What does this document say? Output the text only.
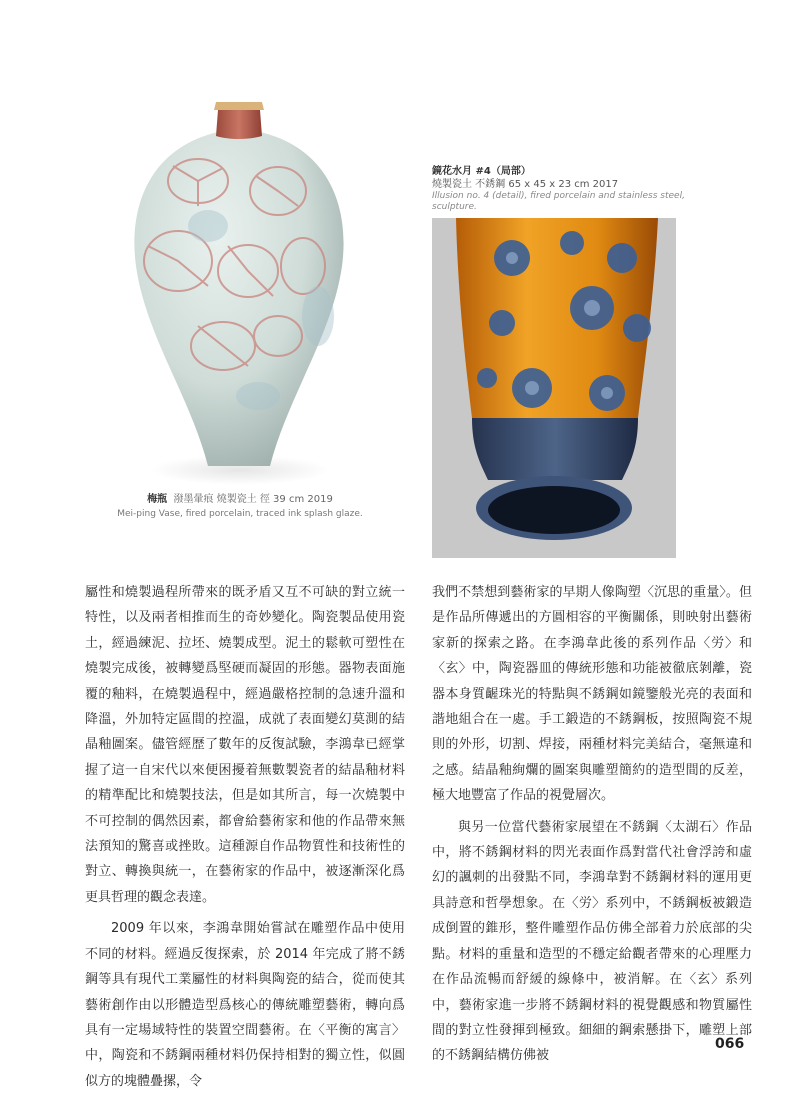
梅瓶 潑墨暈痕 燒製瓷土 徑 39 cm 2019
Mei-ping Vase, fired porcelain, traced ink splash glaze.
鏡花水月 #4（局部）
燒製瓷土 不銹鋼 65 x 45 x 23 cm 2017
Illusion no. 4 (detail), fired porcelain and stainless steel, sculpture.

屬性和燒製過程所帶來的既矛盾又互不可缺的對立統一特性，以及兩者相推而生的奇妙變化。陶瓷製品使用瓷土，經過練泥、拉坯、燒製成型。泥土的鬆軟可塑性在燒製完成後，被轉變爲堅硬而凝固的形態。器物表面施覆的釉料，在燒製過程中，經過嚴格控制的急速升溫和降溫，外加特定區間的控溫，成就了表面變幻莫測的結晶釉圖案。儘管經歷了數年的反復試驗，李鴻韋已經掌握了這一自宋代以來便困擾着無數製瓷者的結晶釉材料的精準配比和燒製技法，但是如其所言，每一次燒製中不可控制的偶然因素，都會給藝術家和他的作品帶來無法預知的驚喜或挫敗。這種源自作品物質性和技術性的對立、轉換與統一，在藝術家的作品中，被逐漸深化爲更具哲理的觀念表達。

2009 年以來，李鴻韋開始嘗試在雕塑作品中使用不同的材料。經過反復探索，於 2014 年完成了將不銹鋼等具有現代工業屬性的材料與陶瓷的結合，從而使其藝術創作由以形體造型爲核心的傳統雕塑藝術，轉向爲具有一定場域特性的裝置空間藝術。在〈平衡的寓言〉中，陶瓷和不銹鋼兩種材料仍保持相對的獨立性，似圓似方的塊體疊摞，令

我們不禁想到藝術家的早期人像陶塑〈沉思的重量〉。但是作品所傳遞出的方圓相容的平衡關係，則映射出藝術家新的探索之路。在李鴻韋此後的系列作品〈労〉和〈玄〉中，陶瓷器皿的傳統形態和功能被徹底剝離，瓷器本身質齷珠光的特點與不銹鋼如鏡鑒般光亮的表面和諧地組合在一處。手工鍛造的不銹鋼板，按照陶瓷不規則的外形，切割、焊接，兩種材料完美結合，毫無違和之感。結晶釉絢爛的圖案與雕塑簡約的造型間的反差，極大地豐富了作品的視覺層次。

與另一位當代藝術家展望在不銹鋼〈太湖石〉作品中，將不銹鋼材料的閃光表面作爲對當代社會浮誇和虛幻的諷刺的出發點不同，李鴻韋對不銹鋼材料的運用更具詩意和哲學想象。在〈労〉系列中，不銹鋼板被鍛造成倒置的錐形，整件雕塑作品仿佛全部着力於底部的尖點。材料的重量和造型的不穩定給觀者帶來的心理壓力在作品流暢而舒緩的線條中，被消解。在〈玄〉系列中，藝術家進一步將不銹鋼材料的視覺觀感和物質屬性間的對立性發揮到極致。細細的鋼索懸掛下，雕塑上部的不銹鋼結構仿佛被

066
